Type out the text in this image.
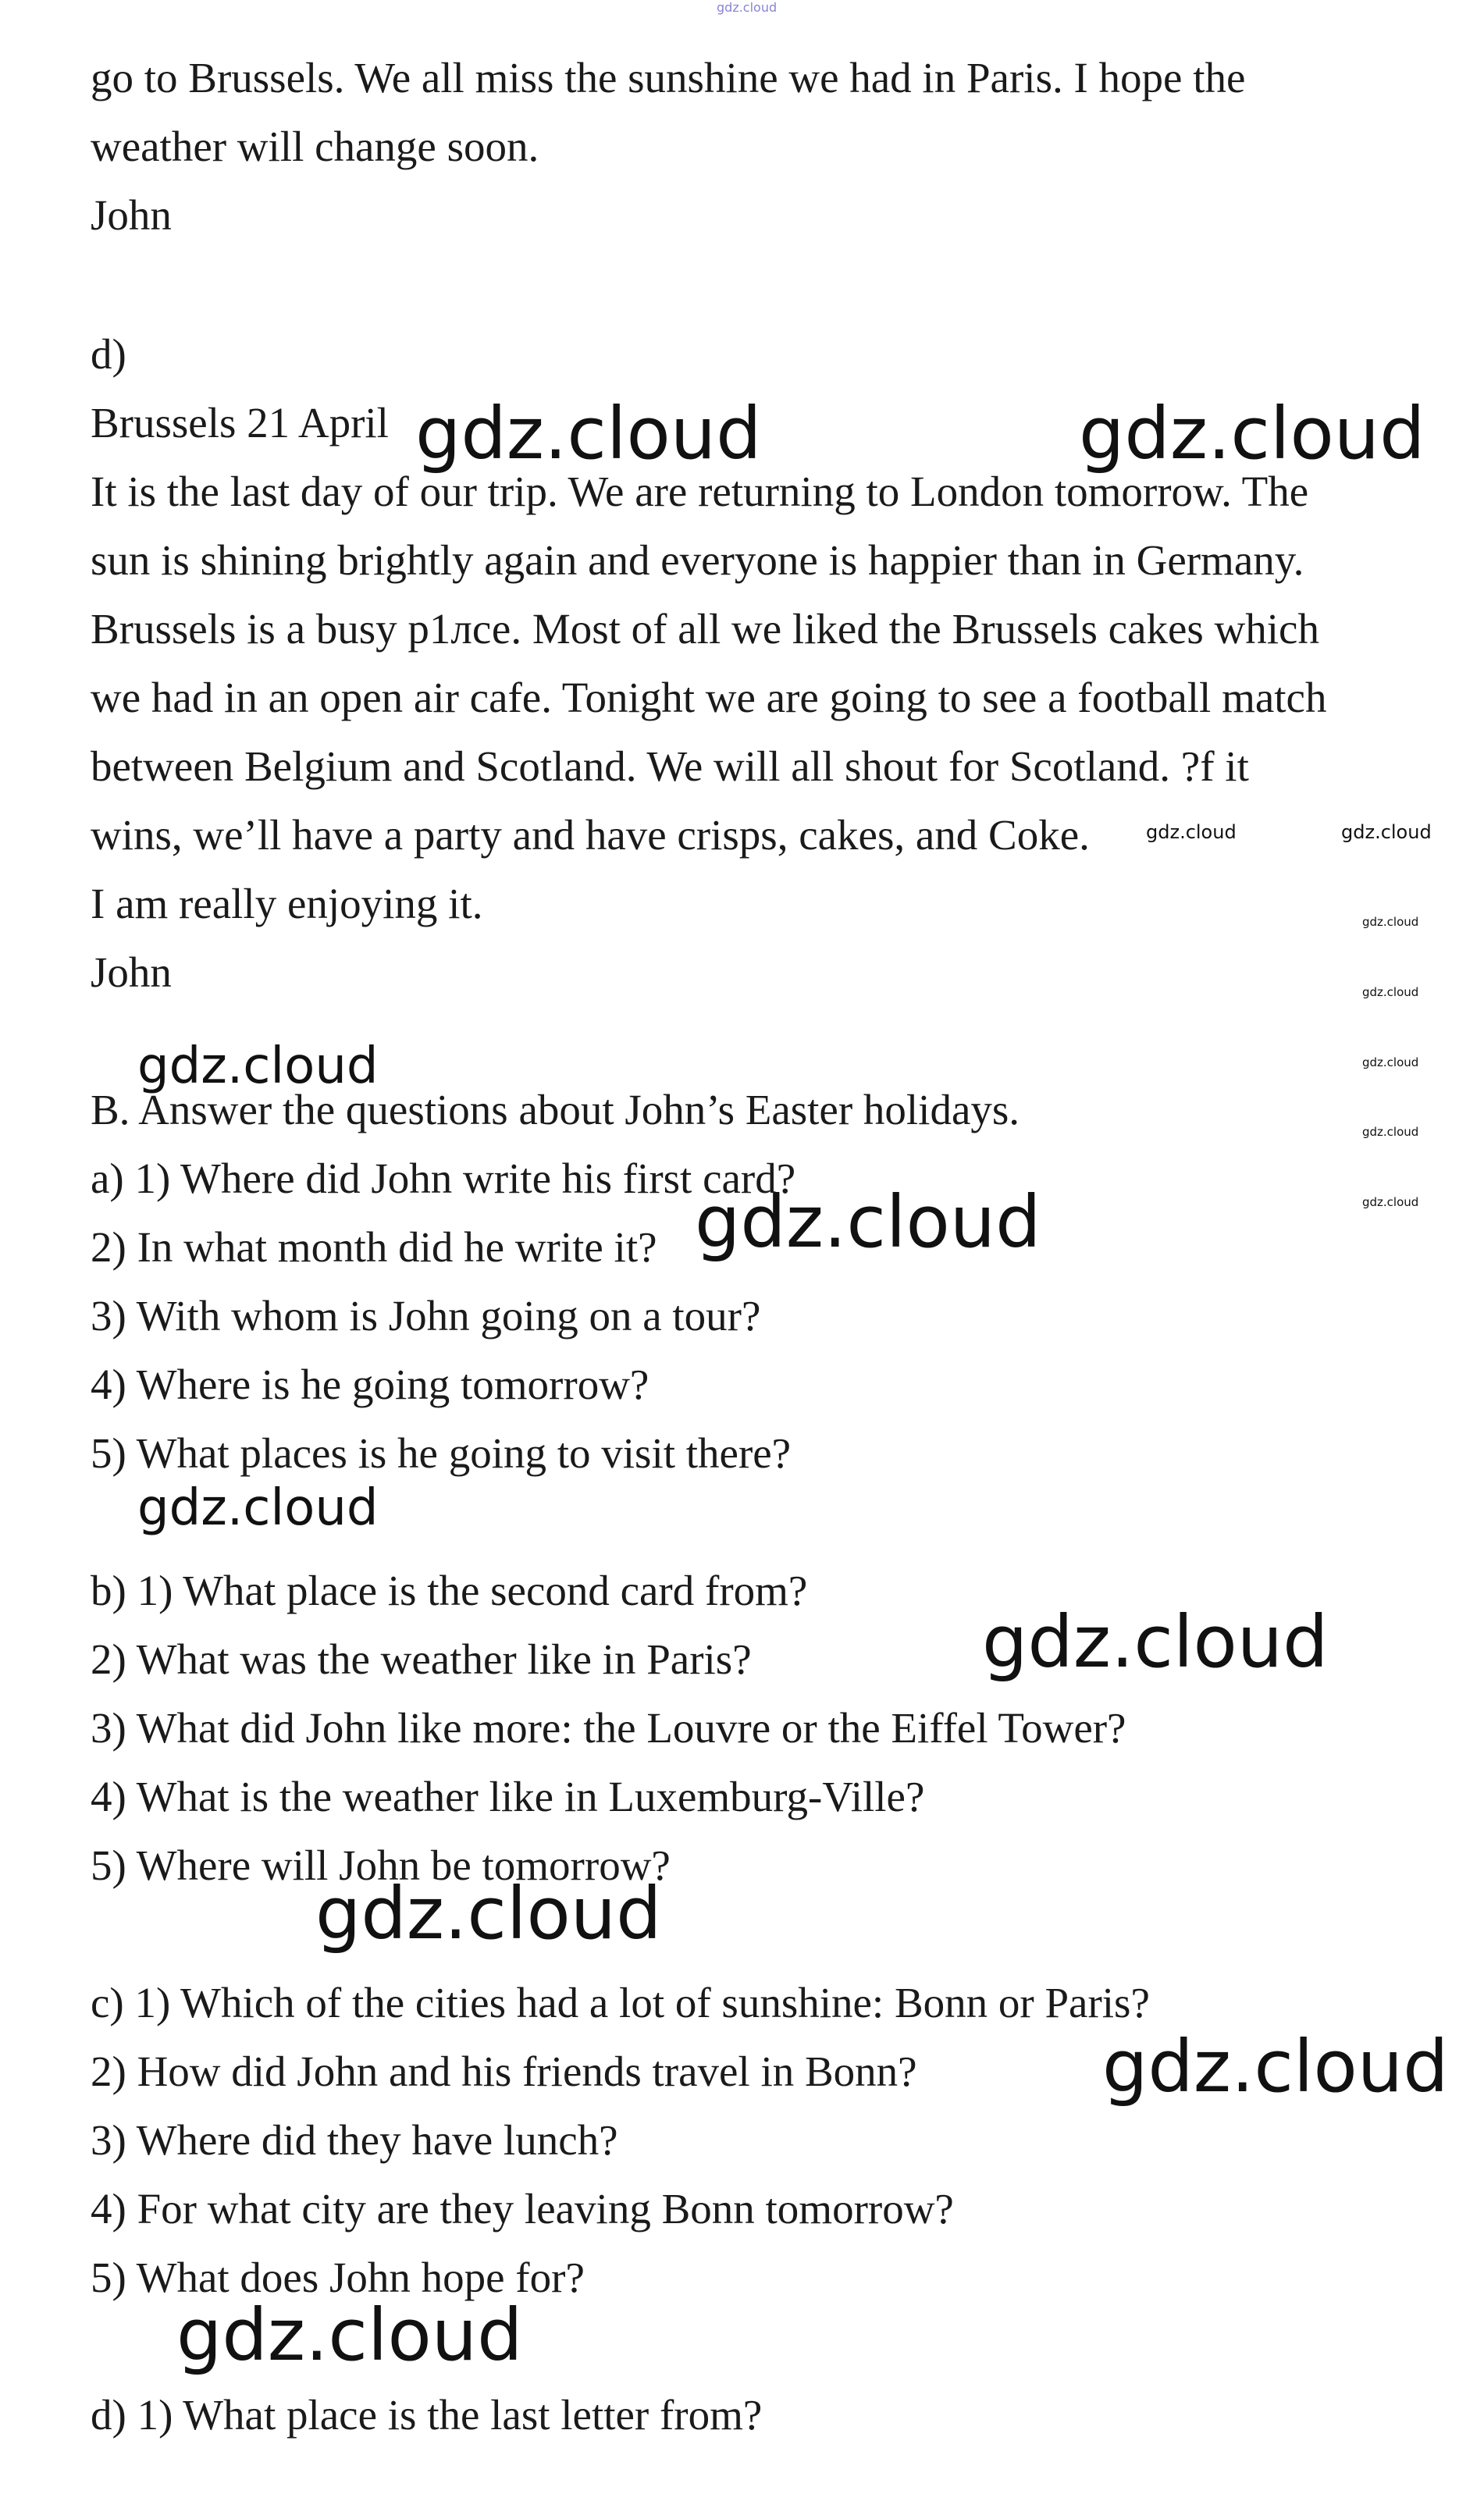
go to Brussels. We all miss the sunshine we had in Paris. I hope the
weather will change soon.
John
d)
Brussels 21 April
It is the last day of our trip. We are returning to London tomorrow. The
sun is shining brightly again and everyone is happier than in Germany.
Brussels is a busy p1лсе. Most of all we liked the Brussels cakes which
we had in an open air cafe. Tonight we are going to see a football match
between Belgium and Scotland. We will all shout for Scotland. ?f it
wins, we’ll have a party and have crisps, cakes, and Coke.
I am really enjoying it.
John
B. Answer the questions about John’s Easter holidays.
a) 1) Where did John write his first card?
2) In what month did he write it?
3) With whom is John going on a tour?
4) Where is he going tomorrow?
5) What places is he going to visit there?
b) 1) What place is the second card from?
2) What was the weather like in Paris?
3) What did John like more: the Louvre or the Eiffel Tower?
4) What is the weather like in Luxemburg-Ville?
5) Where will John be tomorrow?
c) 1) Which of the cities had a lot of sunshine: Bonn or Paris?
2) How did John and his friends travel in Bonn?
3) Where did they have lunch?
4) For what city are they leaving Bonn tomorrow?
5) What does John hope for?
d) 1) What place is the last letter from?
gdz.cloud
gdz.cloud	gdz.cloud
gdz.cloud	gdz.cloud
gdz.cloud
gdz.cloud
gdz.cloud
gdz.cloud
gdz.cloud
gdz.cloud
gdz.cloud
gdz.cloud
gdz.cloud
gdz.cloud
gdz.cloud
gdz.cloud
